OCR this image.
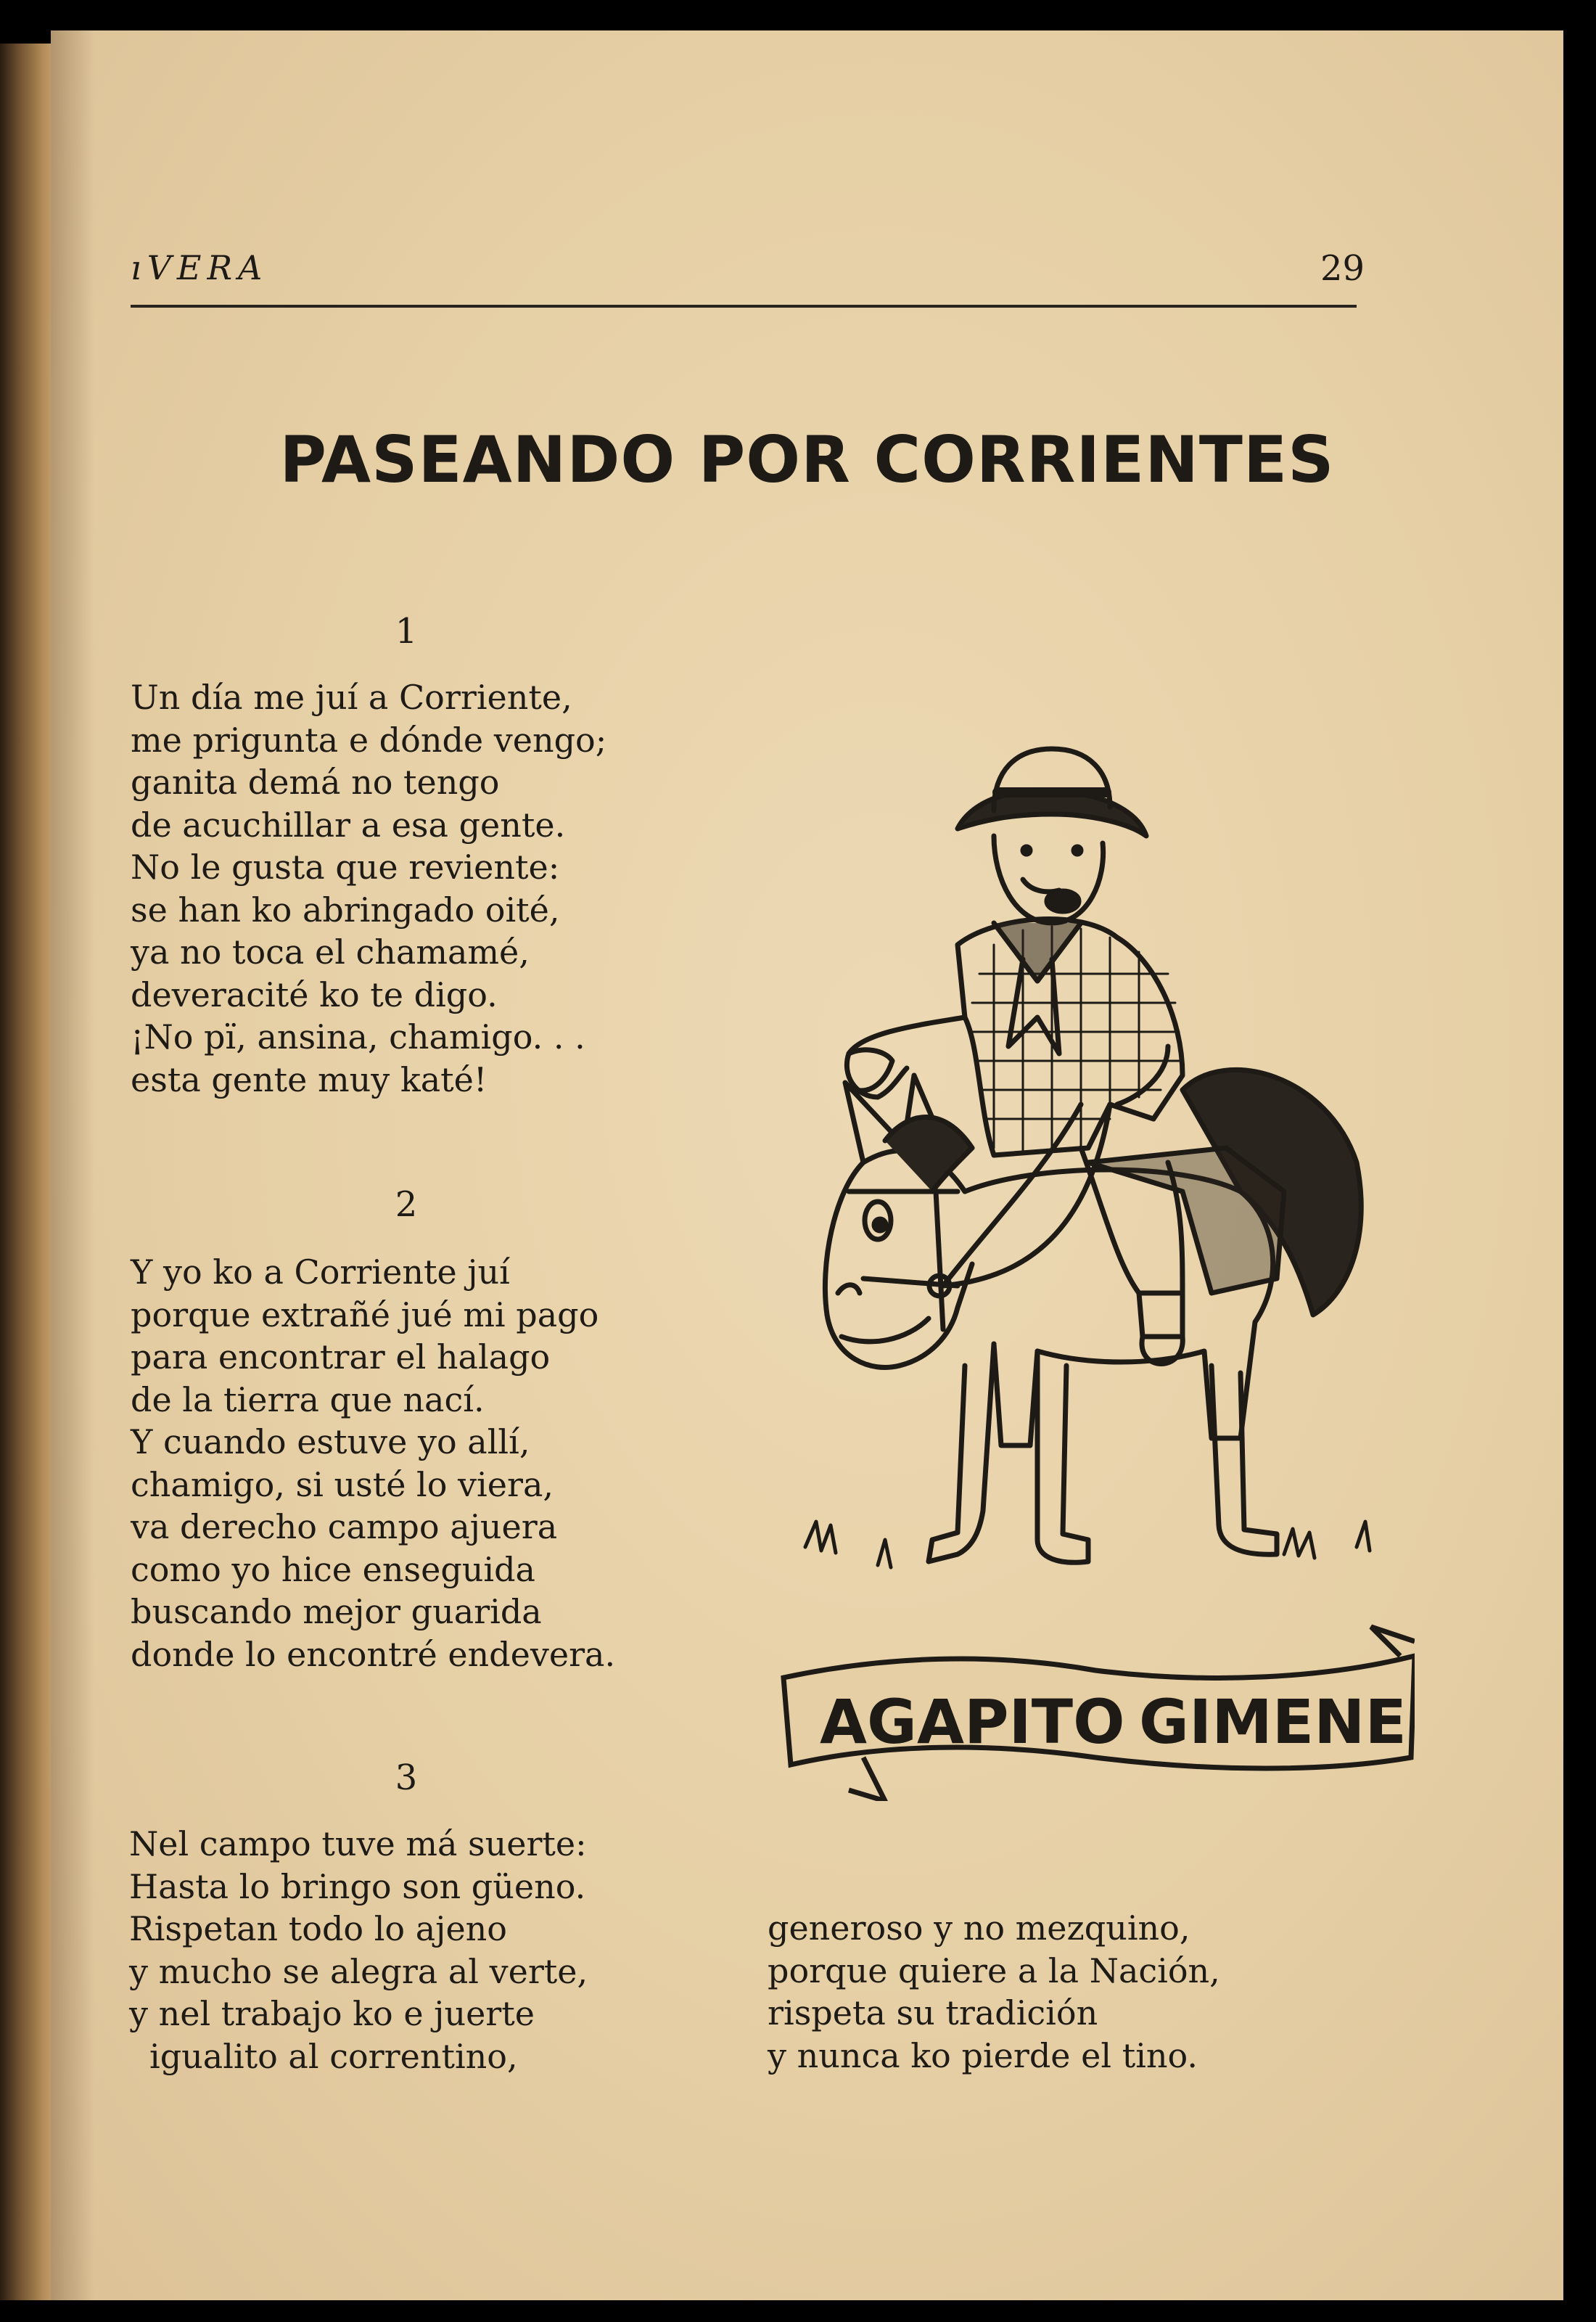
ıVERA	29
PASEANDO POR CORRIENTES
1
Un día me juí a Corriente,
me prigunta e dónde vengo;
ganita demá no tengo
de acuchillar a esa gente.
No le gusta que reviente:
se han ko abringado oité,
ya no toca el chamamé,
deveracité ko te digo.
¡No pï, ansina, chamigo. . .
esta gente muy katé!
2
Y yo ko a Corriente juí
porque extrañé jué mi pago
para encontrar el halago
de la tierra que nací.
Y cuando estuve yo allí,
chamigo, si usté lo viera,
va derecho campo ajuera
como yo hice enseguida
buscando mejor guarida
donde lo encontré endevera.
3
Nel campo tuve má suerte:
Hasta lo bringo son güeno.
Rispetan todo lo ajeno
y mucho se alegra al verte,
y nel trabajo ko e juerte
igualito al correntino,
generoso y no mezquino,
porque quiere a la Nación,
rispeta su tradición
y nunca ko pierde el tino.
AGAPITO GIMENE
